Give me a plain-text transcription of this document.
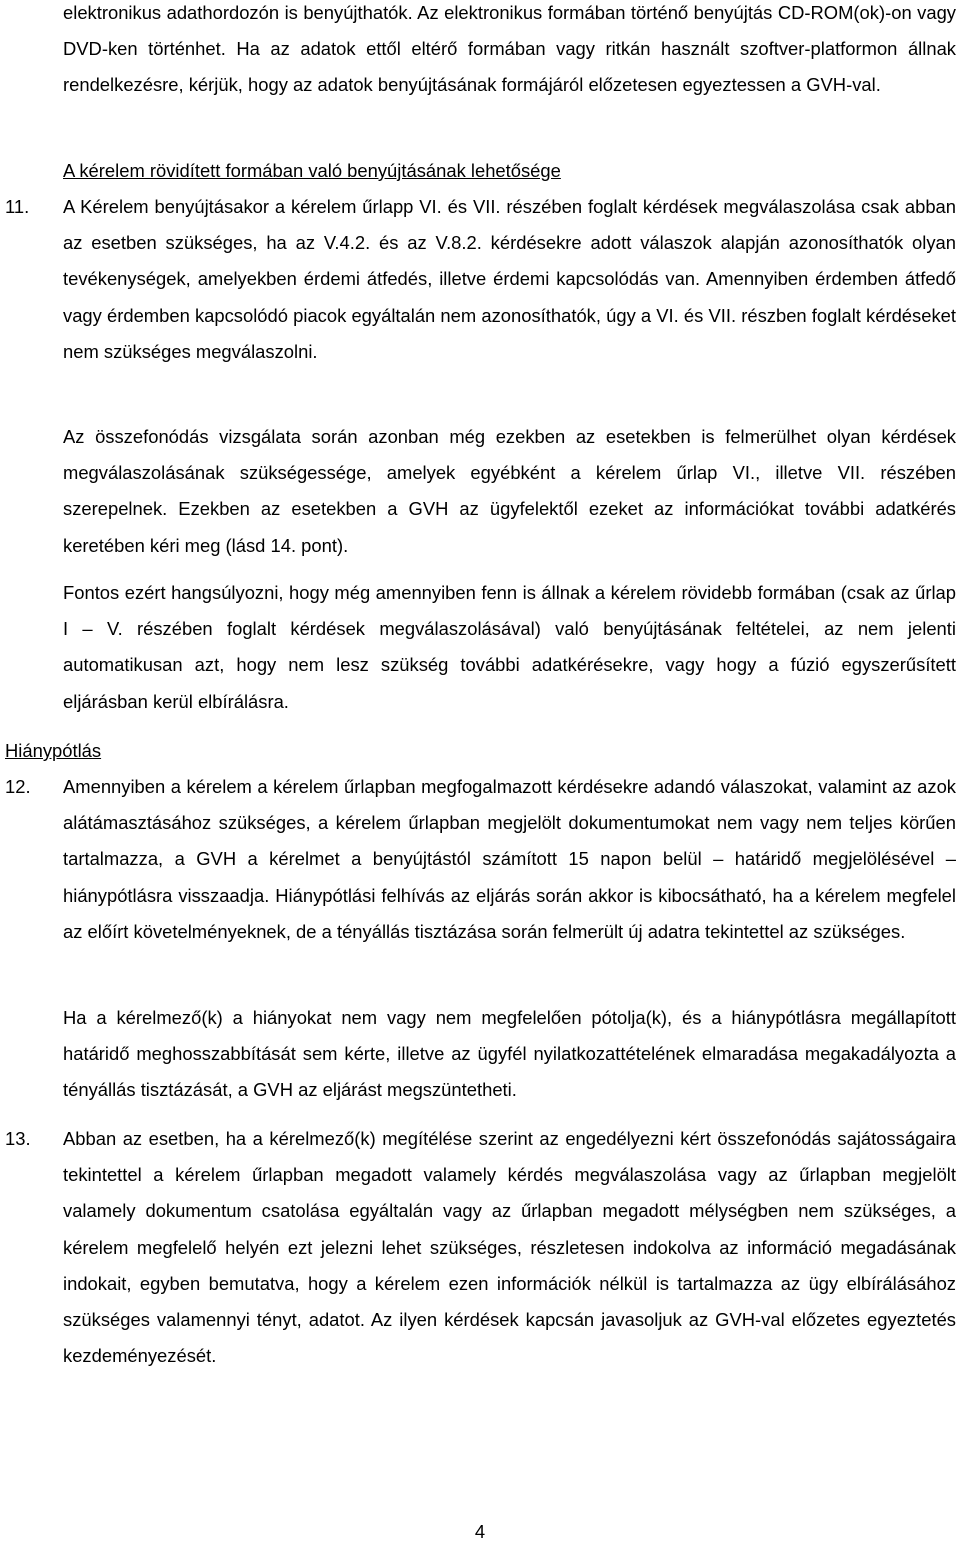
elektronikus adathordozón is benyújthatók. Az elektronikus formában történő benyújtás CD-ROM(ok)-on vagy DVD-ken történhet. Ha az adatok ettől eltérő formában vagy ritkán használt szoftver-platformon állnak rendelkezésre, kérjük, hogy az adatok benyújtásának formájáról előzetesen egyeztessen a GVH-val.

A kérelem rövidített formában való benyújtásának lehetősége
11. A Kérelem benyújtásakor a kérelem űrlapp VI. és VII. részében foglalt kérdések megválaszolása csak abban az esetben szükséges, ha az V.4.2. és az V.8.2. kérdésekre adott válaszok alapján azonosíthatók olyan tevékenységek, amelyekben érdemi átfedés, illetve érdemi kapcsolódás van. Amennyiben érdemben átfedő vagy érdemben kapcsolódó piacok egyáltalán nem azonosíthatók, úgy a VI. és VII. részben foglalt kérdéseket nem szükséges megválaszolni.

Az összefonódás vizsgálata során azonban még ezekben az esetekben is felmerülhet olyan kérdések megválaszolásának szükségessége, amelyek egyébként a kérelem űrlap VI., illetve VII. részében szerepelnek. Ezekben az esetekben a GVH az ügyfelektől ezeket az információkat további adatkérés keretében kéri meg (lásd 14. pont).

Fontos ezért hangsúlyozni, hogy még amennyiben fenn is állnak a kérelem rövidebb formában (csak az űrlap I – V. részében foglalt kérdések megválaszolásával) való benyújtásának feltételei, az nem jelenti automatikusan azt, hogy nem lesz szükség további adatkérésekre, vagy hogy a fúzió egyszerűsített eljárásban kerül elbírálásra.

Hiánypótlás
12. Amennyiben a kérelem a kérelem űrlapban megfogalmazott kérdésekre adandó válaszokat, valamint az azok alátámasztásához szükséges, a kérelem űrlapban megjelölt dokumentumokat nem vagy nem teljes körűen tartalmazza, a GVH a kérelmet a benyújtástól számított 15 napon belül – határidő megjelölésével – hiánypótlásra visszaadja. Hiánypótlási felhívás az eljárás során akkor is kibocsátható, ha a kérelem megfelel az előírt követelményeknek, de a tényállás tisztázása során felmerült új adatra tekintettel az szükséges.

Ha a kérelmező(k) a hiányokat nem vagy nem megfelelően pótolja(k), és a hiánypótlásra megállapított határidő meghosszabbítását sem kérte, illetve az ügyfél nyilatkozattételének elmaradása megakadályozta a tényállás tisztázását, a GVH az eljárást megszüntetheti.

13. Abban az esetben, ha a kérelmező(k) megítélése szerint az engedélyezni kért összefonódás sajátosságaira tekintettel a kérelem űrlapban megadott valamely kérdés megválaszolása vagy az űrlapban megjelölt valamely dokumentum csatolása egyáltalán vagy az űrlapban megadott mélységben nem szükséges, a kérelem megfelelő helyén ezt jelezni lehet szükséges, részletesen indokolva az információ megadásának indokait, egyben bemutatva, hogy a kérelem ezen információk nélkül is tartalmazza az ügy elbírálásához szükséges valamennyi tényt, adatot. Az ilyen kérdések kapcsán javasoljuk az GVH-val előzetes egyeztetés kezdeményezését.

4
